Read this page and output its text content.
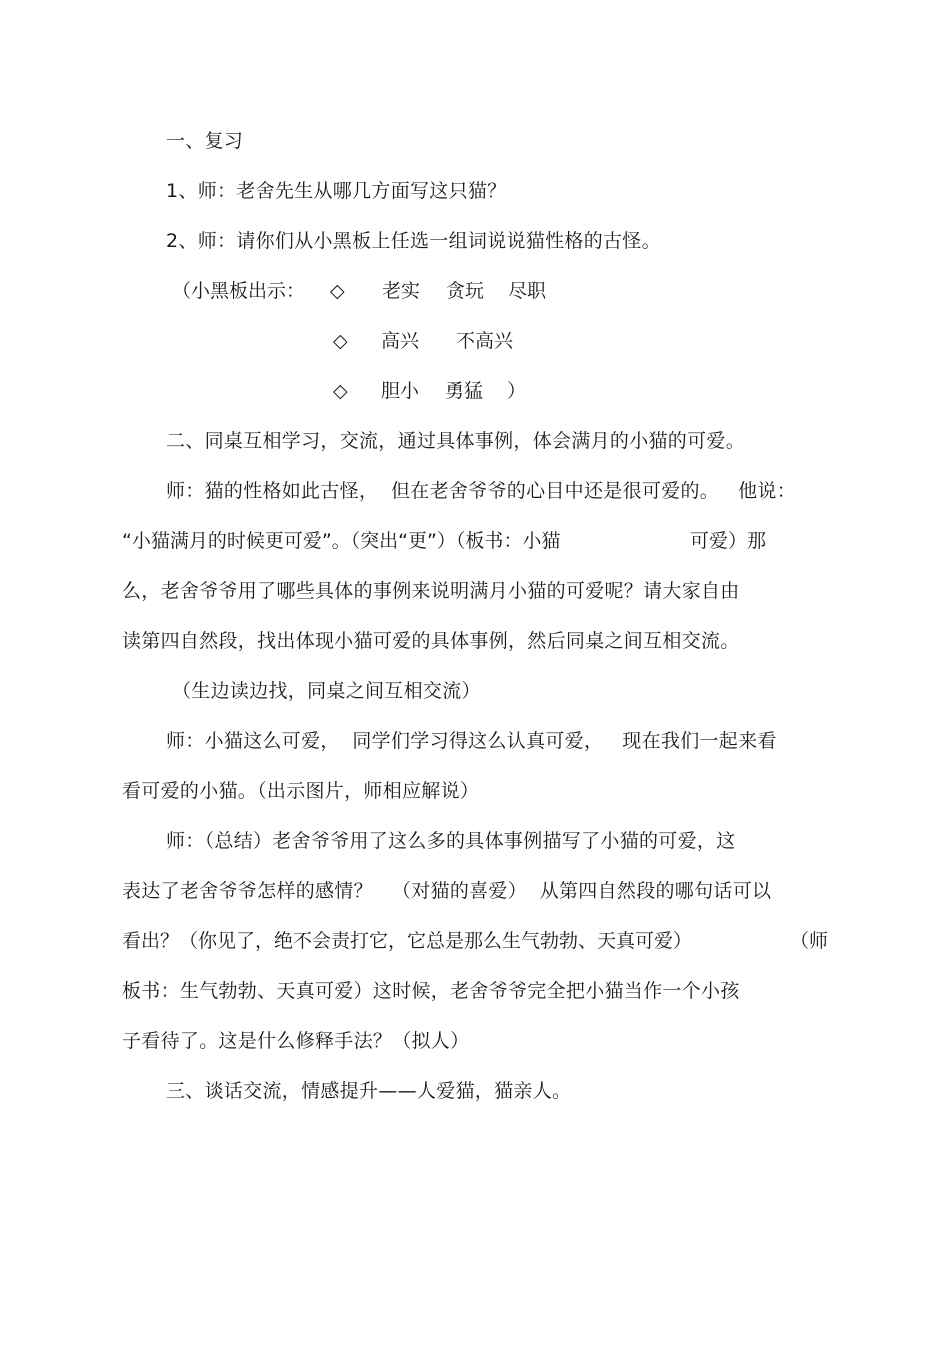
一、复习
1、师：老舍先生从哪几方面写这只猫？
2、师：请你们从小黑板上任选一组词说说猫性格的古怪。
（小黑板出示： ◇ 老实 贪玩 尽职
◇ 高兴 不高兴
◇ 胆小 勇猛 ）
二、同桌互相学习，交流，通过具体事例，体会满月的小猫的可爱。
师：猫的性格如此古怪，  但在老舍爷爷的心目中还是很可爱的。   他说：
“小猫满月的时候更可爱”。（突出“更”）（板书：小猫	可爱）那
么，老舍爷爷用了哪些具体的事例来说明满月小猫的可爱呢？请大家自由
读第四自然段，找出体现小猫可爱的具体事例，然后同桌之间互相交流。
（生边读边找，同桌之间互相交流）
师：小猫这么可爱，  同学们学习得这么认真可爱，   现在我们一起来看
看可爱的小猫。（出示图片，师相应解说）
师：（总结）老舍爷爷用了这么多的具体事例描写了小猫的可爱，这
表达了老舍爷爷怎样的感情？   （对猫的喜爱）  从第四自然段的哪句话可以
看出？（你见了，绝不会责打它，它总是那么生气勃勃、天真可爱）	（师
板书：生气勃勃、天真可爱）这时候，老舍爷爷完全把小猫当作一个小孩
子看待了。这是什么修释手法？（拟人）
三、谈话交流，情感提升——人爱猫，猫亲人。
